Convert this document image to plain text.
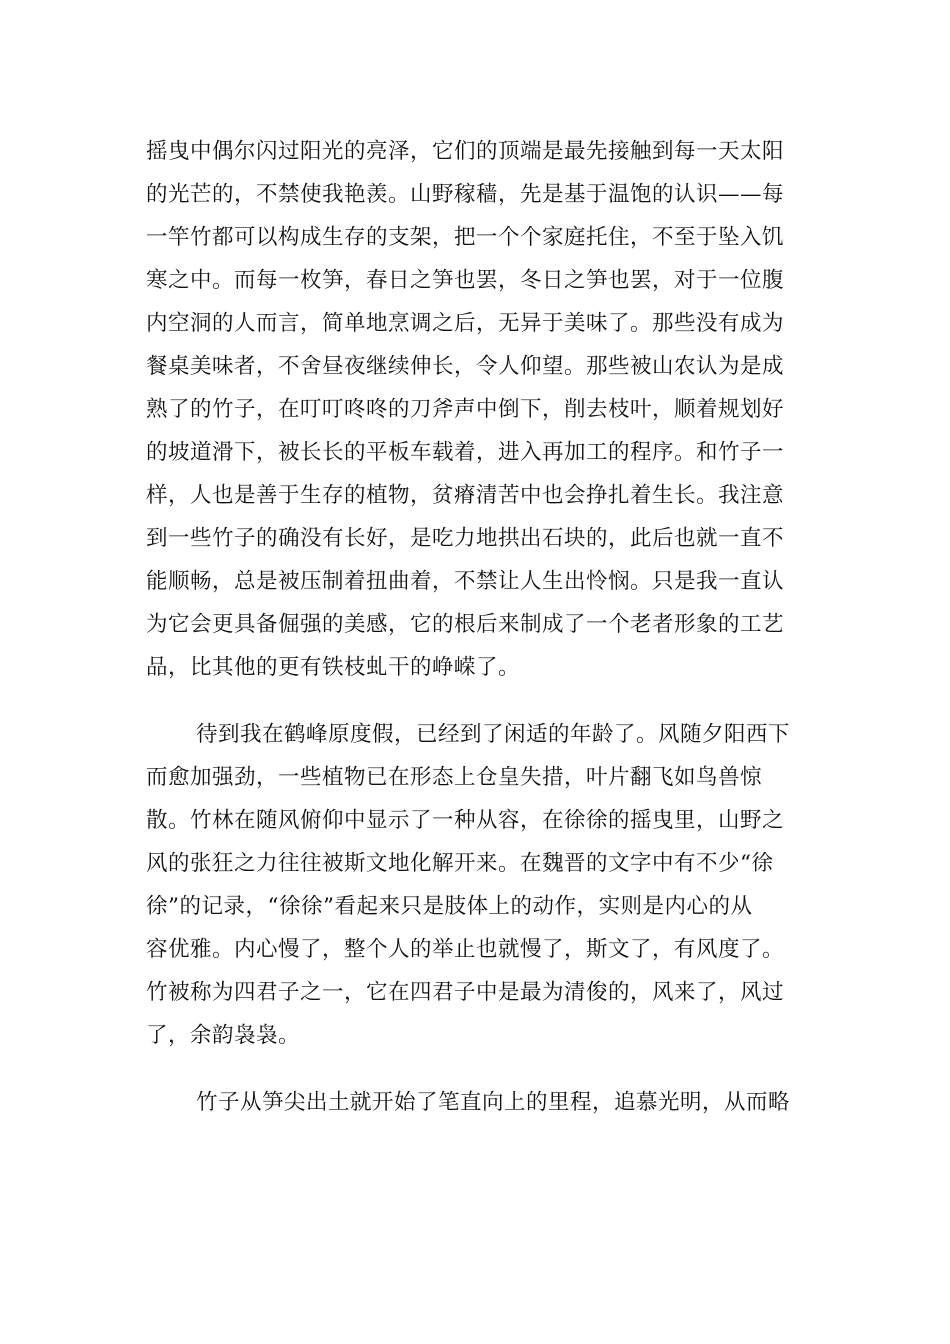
摇曳中偶尔闪过阳光的亮泽，它们的顶端是最先接触到每一天太阳
的光芒的，不禁使我艳羡。山野稼穑，先是基于温饱的认识——每
一竿竹都可以构成生存的支架，把一个个家庭托住，不至于坠入饥
寒之中。而每一枚笋，春日之笋也罢，冬日之笋也罢，对于一位腹
内空洞的人而言，简单地烹调之后，无异于美味了。那些没有成为
餐桌美味者，不舍昼夜继续伸长，令人仰望。那些被山农认为是成
熟了的竹子，在叮叮咚咚的刀斧声中倒下，削去枝叶，顺着规划好
的坡道滑下，被长长的平板车载着，进入再加工的程序。和竹子一
样，人也是善于生存的植物，贫瘠清苦中也会挣扎着生长。我注意
到一些竹子的确没有长好，是吃力地拱出石块的，此后也就一直不
能顺畅，总是被压制着扭曲着，不禁让人生出怜悯。只是我一直认
为它会更具备倔强的美感，它的根后来制成了一个老者形象的工艺
品，比其他的更有铁枝虬干的峥嵘了。
待到我在鹤峰原度假，已经到了闲适的年龄了。风随夕阳西下
而愈加强劲，一些植物已在形态上仓皇失措，叶片翻飞如鸟兽惊
散。竹林在随风俯仰中显示了一种从容，在徐徐的摇曳里，山野之
风的张狂之力往往被斯文地化解开来。在魏晋的文字中有不少“徐
徐”的记录，“徐徐”看起来只是肢体上的动作，实则是内心的从
容优雅。内心慢了，整个人的举止也就慢了，斯文了，有风度了。
竹被称为四君子之一，它在四君子中是最为清俊的，风来了，风过
了，余韵袅袅。
竹子从笋尖出土就开始了笔直向上的里程，追慕光明，从而略
